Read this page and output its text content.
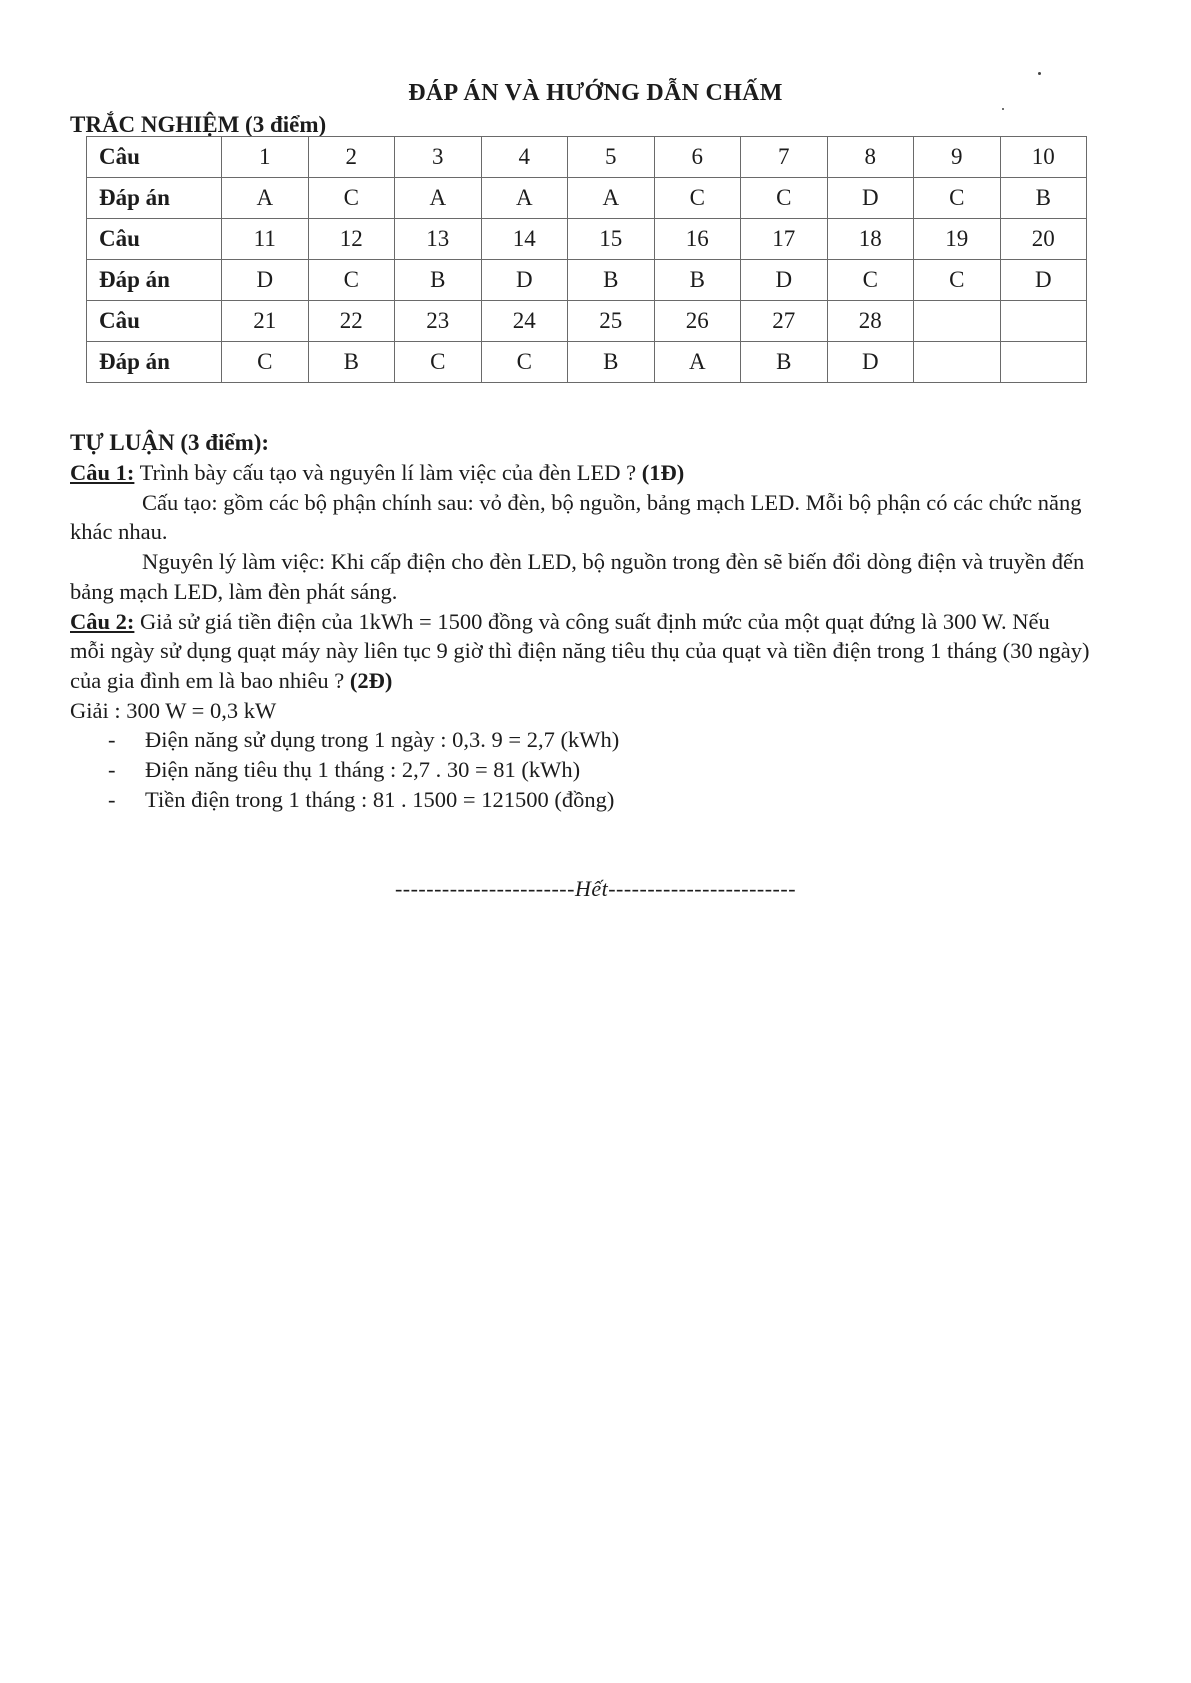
ĐÁP ÁN VÀ HƯỚNG DẪN CHẤM
TRẮC NGHIỆM (3 điểm)
Câu	1	2	3	4	5	6	7	8	9	10
Đáp án	A	C	A	A	A	C	C	D	C	B
Câu	11	12	13	14	15	16	17	18	19	20
Đáp án	D	C	B	D	B	B	D	C	C	D
Câu	21	22	23	24	25	26	27	28		
Đáp án	C	B	C	C	B	A	B	D		
TỰ LUẬN (3 điểm):

Câu 1: Trình bày cấu tạo và nguyên lí làm việc của đèn LED ? (1Đ)

Cấu tạo: gồm các bộ phận chính sau: vỏ đèn, bộ nguồn, bảng mạch LED. Mỗi bộ phận có các chức năng khác nhau.

Nguyên lý làm việc: Khi cấp điện cho đèn LED, bộ nguồn trong đèn sẽ biến đổi dòng điện và truyền đến bảng mạch LED, làm đèn phát sáng.

Câu 2: Giả sử giá tiền điện của 1kWh = 1500 đồng và công suất định mức của một quạt đứng là 300 W. Nếu mỗi ngày sử dụng quạt máy này liên tục 9 giờ thì điện năng tiêu thụ của quạt và tiền điện trong 1 tháng (30 ngày) của gia đình em là bao nhiêu ? (2Đ)

Giải : 300 W = 0,3 kW

- Điện năng sử dụng trong 1 ngày : 0,3. 9 = 2,7 (kWh)
- Điện năng tiêu thụ 1 tháng : 2,7 . 30 = 81 (kWh)
- Tiền điện trong 1 tháng : 81 . 1500 = 121500 (đồng)
-----------------------Hết------------------------
